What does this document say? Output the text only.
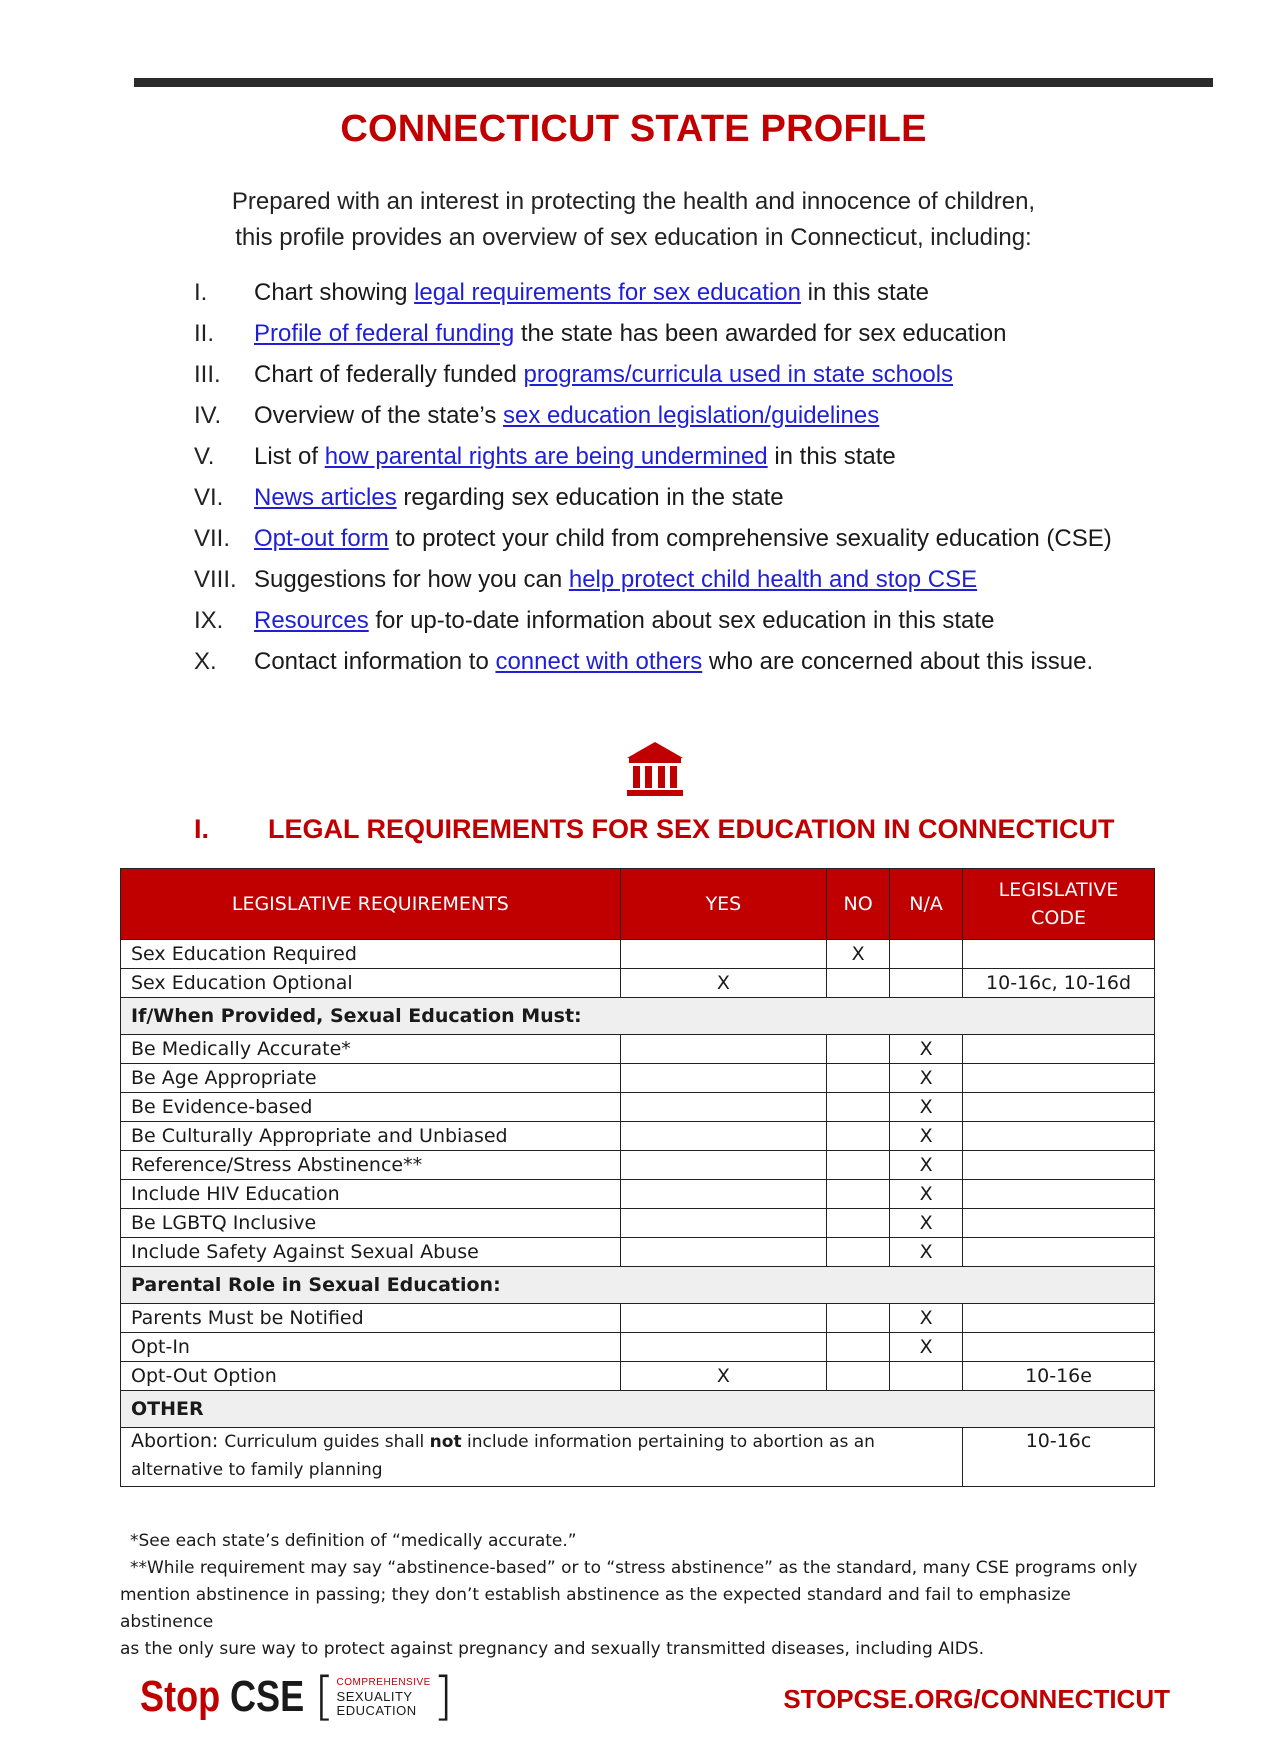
CONNECTICUT STATE PROFILE
Prepared with an interest in protecting the health and innocence of children,
this profile provides an overview of sex education in Connecticut, including:
I.	Chart showing legal requirements for sex education in this state
II.	Profile of federal funding the state has been awarded for sex education
III.	Chart of federally funded programs/curricula used in state schools
IV.	Overview of the state’s sex education legislation/guidelines
V.	List of how parental rights are being undermined in this state
VI.	News articles regarding sex education in the state
VII. Opt-out form to protect your child from comprehensive sexuality education (CSE)
VIII. Suggestions for how you can help protect child health and stop CSE
IX.	Resources for up-to-date information about sex education in this state
X.	Contact information to connect with others who are concerned about this issue.
I. LEGAL REQUIREMENTS FOR SEX EDUCATION IN CONNECTICUT
LEGISLATIVE REQUIREMENTS	YES	NO	N/A	LEGISLATIVE
CODE
Sex Education Required		X		
Sex Education Optional	X			10-16c, 10-16d
If/When Provided, Sexual Education Must:				
Be Medically Accurate*			X	
Be Age Appropriate			X	
Be Evidence-based			X	
Be Culturally Appropriate and Unbiased			X	
Reference/Stress Abstinence**			X	
Include HIV Education			X	
Be LGBTQ Inclusive			X	
Include Safety Against Sexual Abuse			X	
Parental Role in Sexual Education:				
Parents Must be Notified			X	
Opt-In			X	
Opt-Out Option	X			10-16e
OTHER				
Abortion: Curriculum guides shall not include information pertaining to abortion as an alternative to family planning				10-16c
*See each state’s definition of “medically accurate.”
**While requirement may say “abstinence-based” or to “stress abstinence” as the standard, many CSE programs only
mention abstinence in passing; they don’t establish abstinence as the expected standard and fail to emphasize abstinence
as the only sure way to protect against pregnancy and sexually transmitted diseases, including AIDS.
Stop CSE [ COMPREHENSIVE
SEXUALITY
EDUCATION ]	STOPCSE.ORG/CONNECTICUT
